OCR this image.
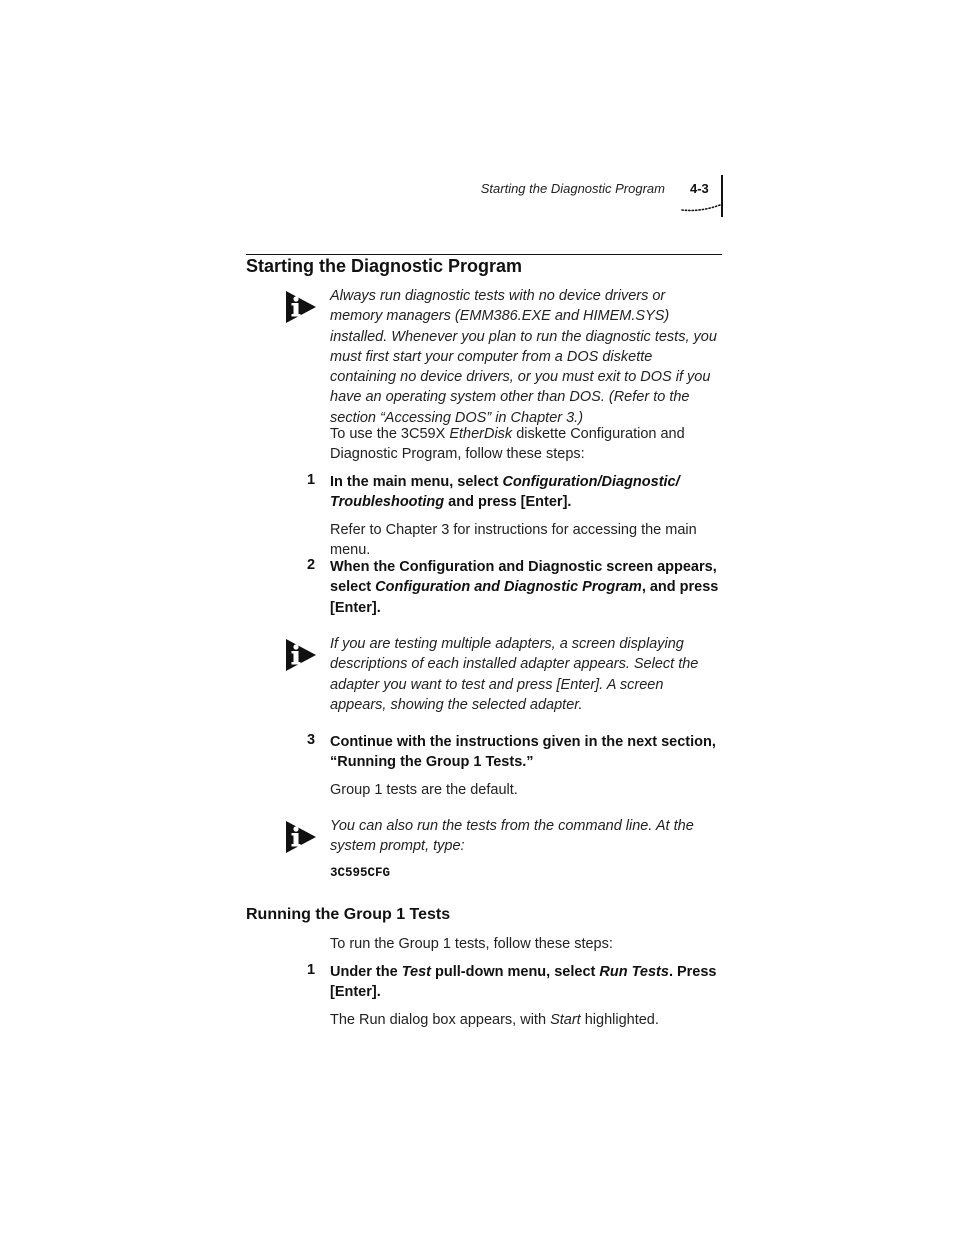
Starting the Diagnostic Program 4-3
Starting the Diagnostic Program
Always run diagnostic tests with no device drivers or memory managers (EMM386.EXE and HIMEM.SYS) installed. Whenever you plan to run the diagnostic tests, you must first start your computer from a DOS diskette containing no device drivers, or you must exit to DOS if you have an operating system other than DOS. (Refer to the section “Accessing DOS” in Chapter 3.)
To use the 3C59X EtherDisk diskette Configuration and Diagnostic Program, follow these steps:
1 In the main menu, select Configuration/Diagnostic/ Troubleshooting and press [Enter].
Refer to Chapter 3 for instructions for accessing the main menu.
2 When the Configuration and Diagnostic screen appears, select Configuration and Diagnostic Program, and press [Enter].
If you are testing multiple adapters, a screen displaying descriptions of each installed adapter appears. Select the adapter you want to test and press [Enter]. A screen appears, showing the selected adapter.
3 Continue with the instructions given in the next section, “Running the Group 1 Tests.”
Group 1 tests are the default.
You can also run the tests from the command line. At the system prompt, type:
3C595CFG
Running the Group 1 Tests
To run the Group 1 tests, follow these steps:
1 Under the Test pull-down menu, select Run Tests. Press [Enter].
The Run dialog box appears, with Start highlighted.
